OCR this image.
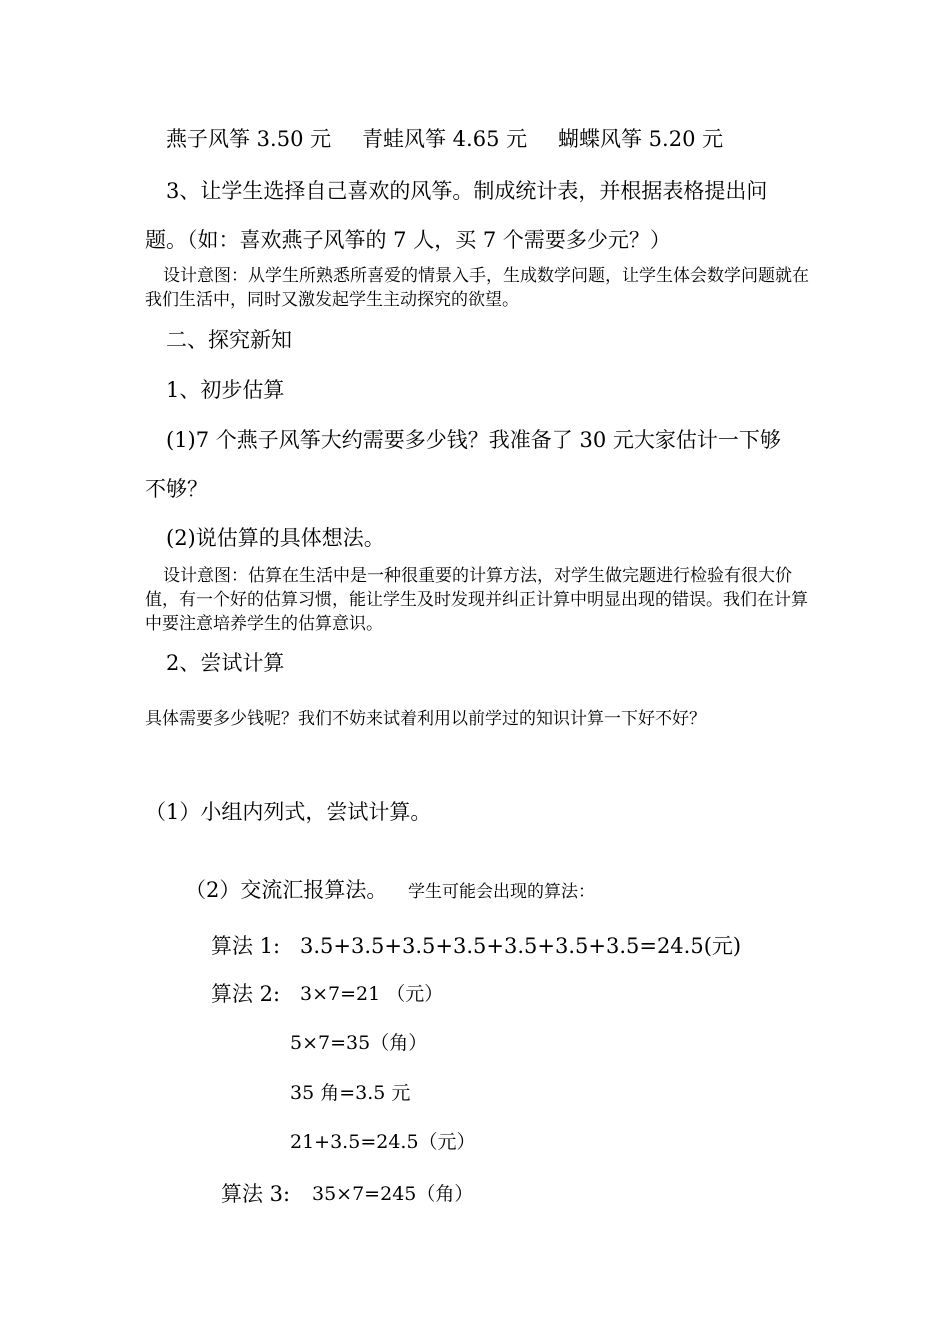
燕子风筝 3.50 元 青蛙风筝 4.65 元 蝴蝶风筝 5.20 元
3、让学生选择自己喜欢的风筝。制成统计表，并根据表格提出问
题。（如：喜欢燕子风筝的 7 人，买 7 个需要多少元？）
设计意图：从学生所熟悉所喜爱的情景入手，生成数学问题，让学生体会数学问题就在我们生活中，同时又激发起学生主动探究的欲望。
二、探究新知
1、初步估算
(1)7 个燕子风筝大约需要多少钱？我准备了 30 元大家估计一下够
不够？
(2)说估算的具体想法。
设计意图：估算在生活中是一种很重要的计算方法，对学生做完题进行检验有很大价值，有一个好的估算习惯，能让学生及时发现并纠正计算中明显出现的错误。我们在计算中要注意培养学生的估算意识。
2、尝试计算
具体需要多少钱呢？我们不妨来试着利用以前学过的知识计算一下好不好？
（1）小组内列式，尝试计算。
（2）交流汇报算法。 学生可能会出现的算法：
算法 1: 3.5+3.5+3.5+3.5+3.5+3.5+3.5=24.5(元)
算法 2: 3×7=21 （元）
5×7=35（角）
35 角=3.5 元
21+3.5=24.5（元）
算法 3: 35×7=245（角）
